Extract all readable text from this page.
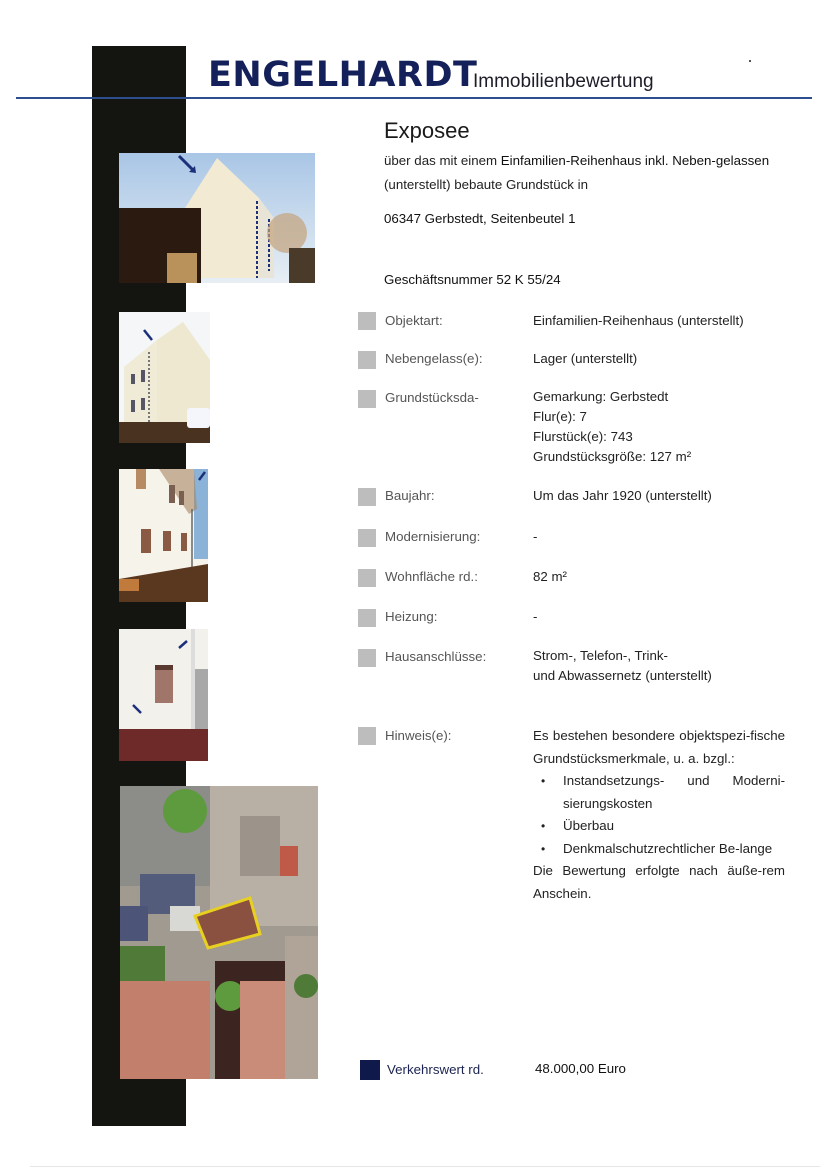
ENGELHARDT
Immobilienbewertung
Exposee
über das mit einem Einfamilien-Reihenhaus inkl. Neben-gelassen (unterstellt) bebaute Grundstück in
06347 Gerbstedt, Seitenbeutel 1
Geschäftsnummer 52 K 55/24
Objektart:	Einfamilien-Reihenhaus (unterstellt)
Nebengelass(e):	Lager (unterstellt)
Grundstücksda-	Gemarkung: Gerbstedt
Flur(e): 7
Flurstück(e): 743
Grundstücksgröße: 127 m²
Baujahr:	Um das Jahr 1920 (unterstellt)
Modernisierung:	-
Wohnfläche rd.:	82 m²
Heizung:	-
Hausanschlüsse:	Strom-, Telefon-, Trink-
und Abwassernetz (unterstellt)
Hinweis(e):	Es bestehen besondere objektspezi-fische Grundstücksmerkmale, u. a. bzgl.:

• Instandsetzungs- und Moderni-sierungskosten
• Überbau
• Denkmalschutzrechtlicher Be-lange

Die Bewertung erfolgte nach äuße-rem Anschein.

Verkehrswert rd.	48.000,00 Euro
